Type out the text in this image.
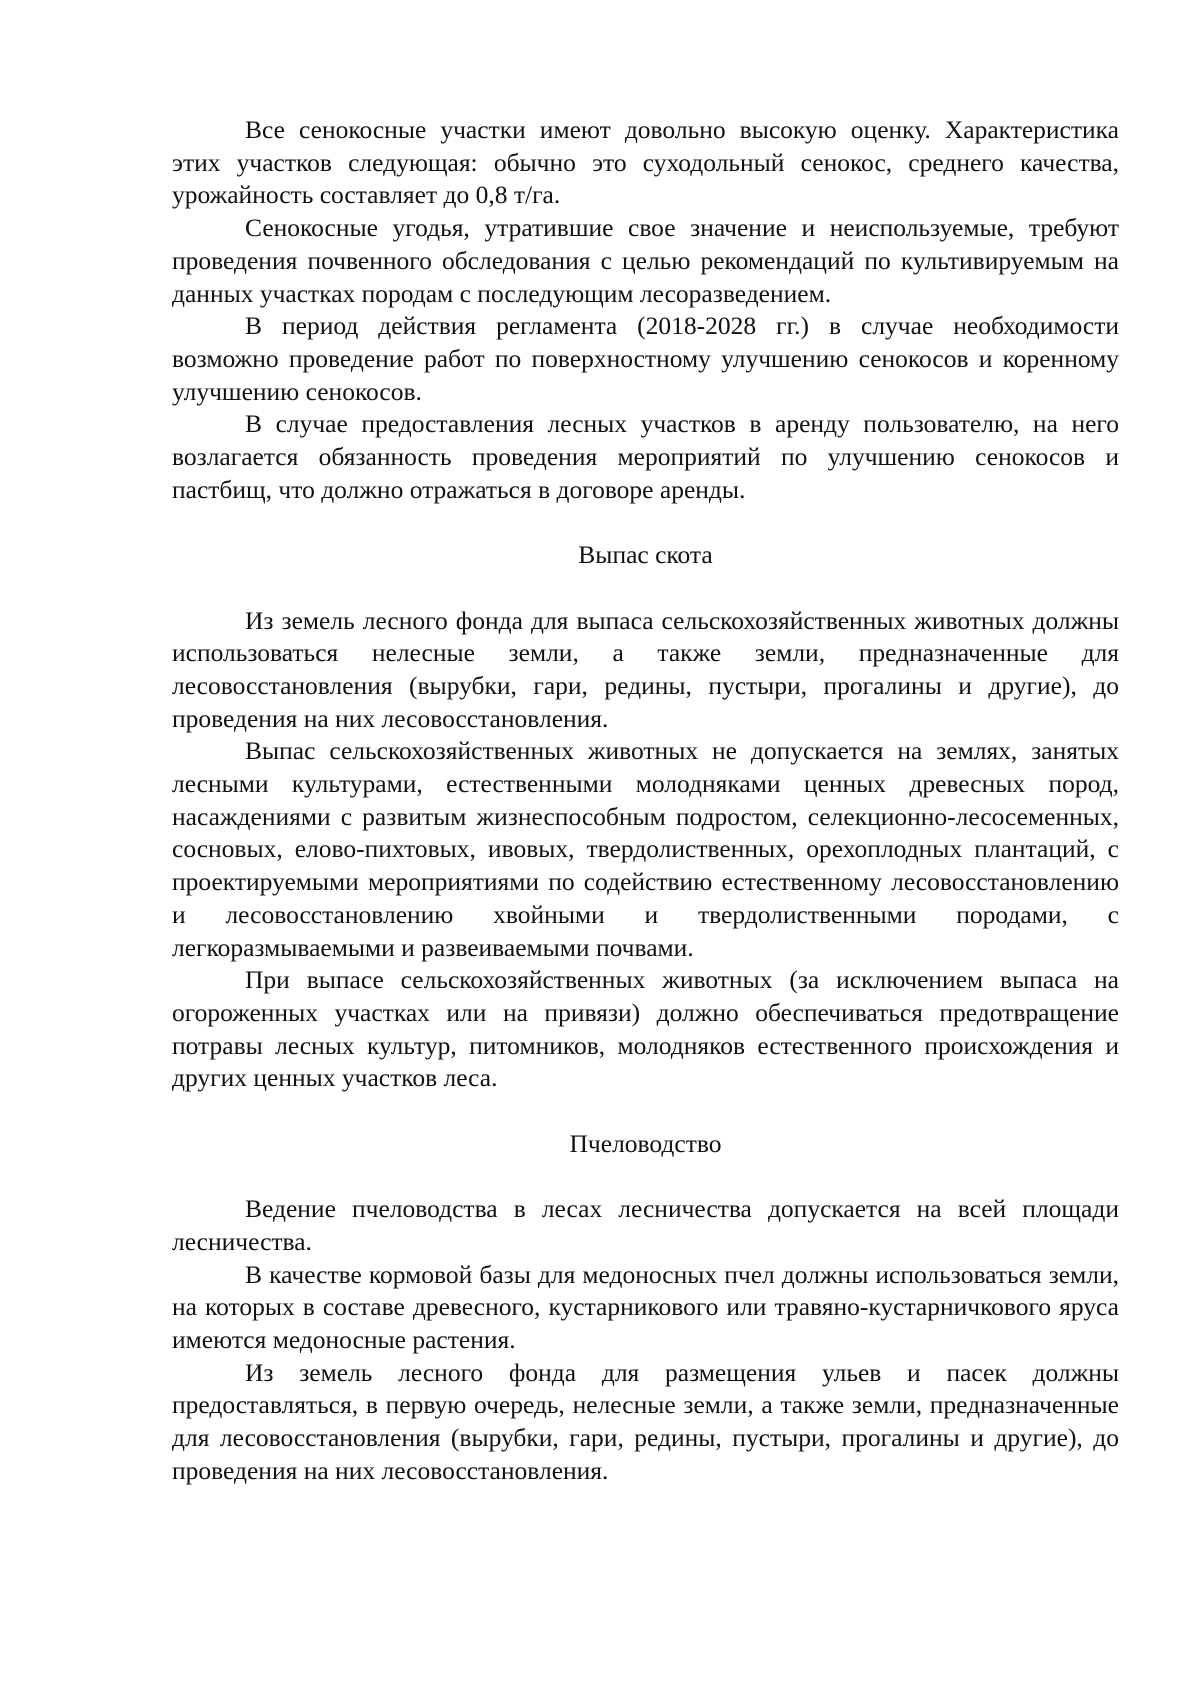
Все сенокосные участки имеют довольно высокую оценку. Характеристика этих участков следующая: обычно это суходольный сенокос, среднего качества, урожайность составляет до 0,8 т/га.

Сенокосные угодья, утратившие свое значение и неиспользуемые, требуют проведения почвенного обследования с целью рекомендаций по культивируемым на данных участках породам с последующим лесоразведением.

В период действия регламента (2018-2028 гг.) в случае необходимости возможно проведение работ по поверхностному улучшению сенокосов и коренному улучшению сенокосов.

В случае предоставления лесных участков в аренду пользователю, на него возлагается обязанность проведения мероприятий по улучшению сенокосов и пастбищ, что должно отражаться в договоре аренды.

Выпас скота

Из земель лесного фонда для выпаса сельскохозяйственных животных должны использоваться нелесные земли, а также земли, предназначенные для лесовосстановления (вырубки, гари, редины, пустыри, прогалины и другие), до проведения на них лесовосстановления.

Выпас сельскохозяйственных животных не допускается на землях, занятых лесными культурами, естественными молодняками ценных древесных пород, насаждениями с развитым жизнеспособным подростом, селекционно-лесосеменных, сосновых, елово-пихтовых, ивовых, твердолиственных, орехоплодных плантаций, с проектируемыми мероприятиями по содействию естественному лесовосстановлению и лесовосстановлению хвойными и твердолиственными породами, с легкоразмываемыми и развеиваемыми почвами.

При выпасе сельскохозяйственных животных (за исключением выпаса на огороженных участках или на привязи) должно обеспечиваться предотвращение потравы лесных культур, питомников, молодняков естественного происхождения и других ценных участков леса.

Пчеловодство

Ведение пчеловодства в лесах лесничества допускается на всей площади лесничества.

В качестве кормовой базы для медоносных пчел должны использоваться земли, на которых в составе древесного, кустарникового или травяно-кустарничкового яруса имеются медоносные растения.

Из земель лесного фонда для размещения ульев и пасек должны предоставляться, в первую очередь, нелесные земли, а также земли, предназначенные для лесовосстановления (вырубки, гари, редины, пустыри, прогалины и другие), до проведения на них лесовосстановления.
